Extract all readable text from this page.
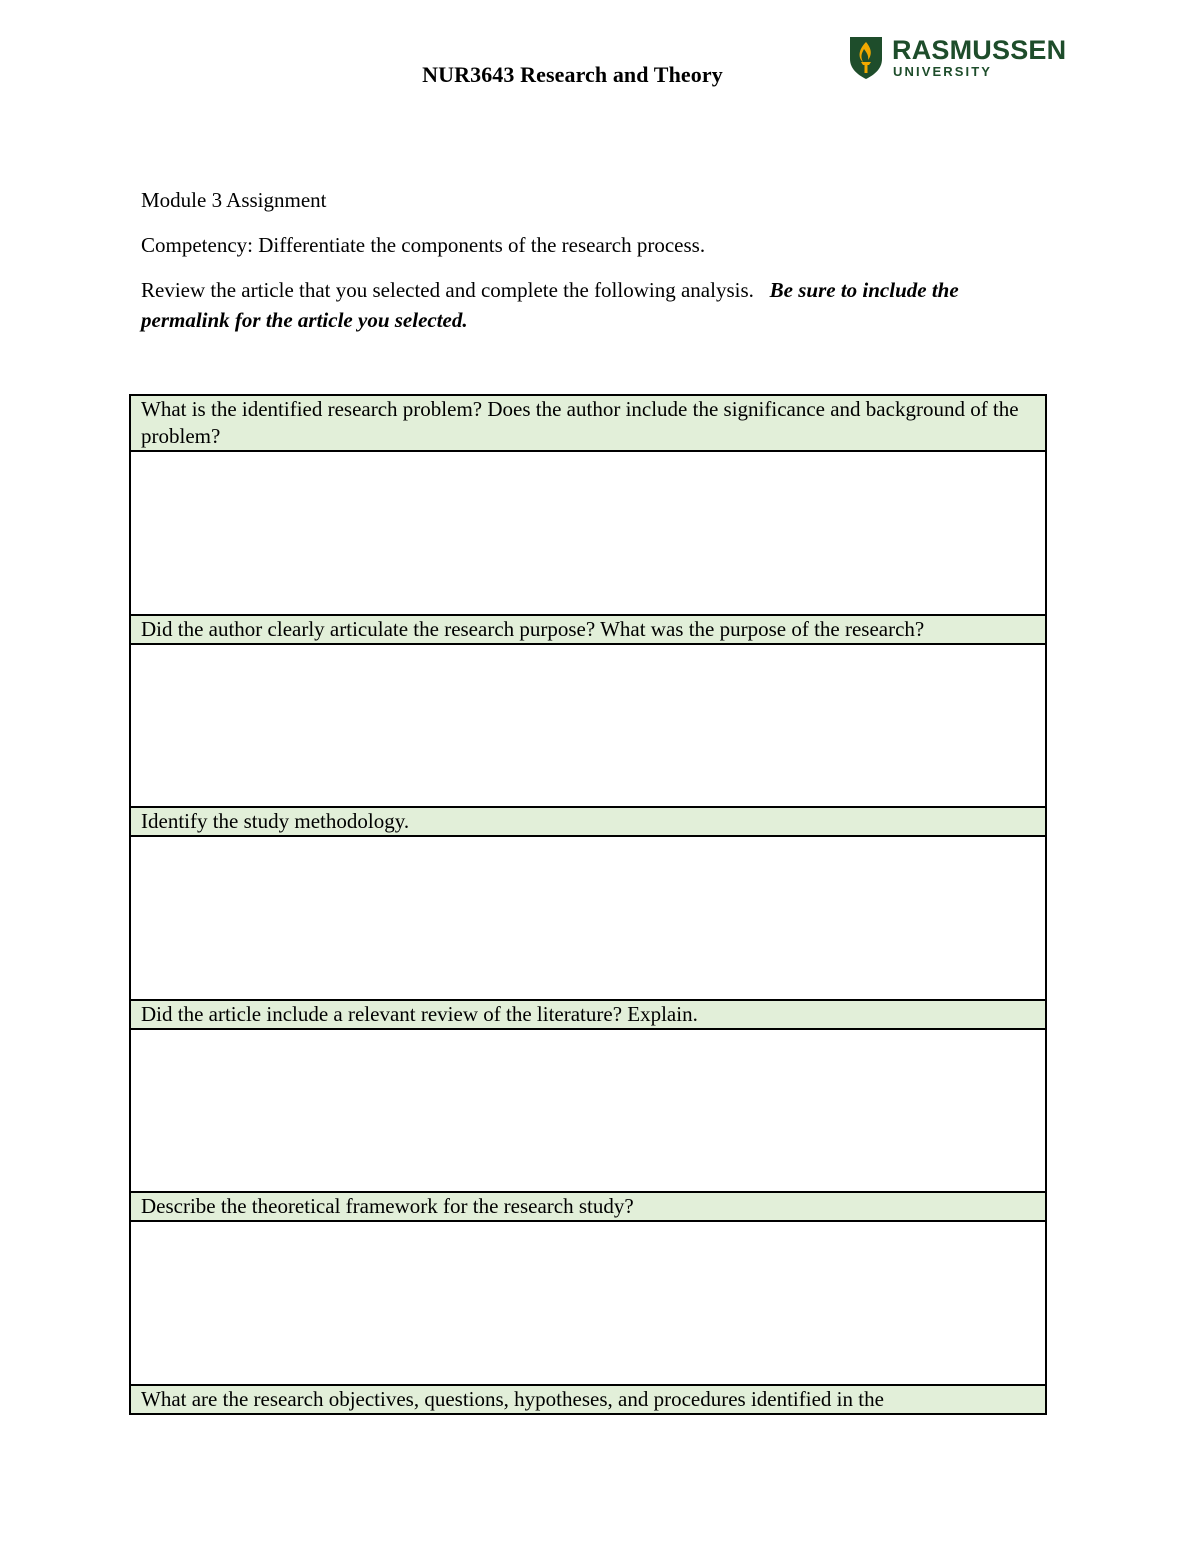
NUR3643 Research and Theory
RASMUSSEN
UNIVERSITY
Module 3 Assignment
Competency: Differentiate the components of the research process.
Review the article that you selected and complete the following analysis. Be sure to include the permalink for the article you selected.
What is the identified research problem? Does the author include the significance and background of the problem?

Did the author clearly articulate the research purpose? What was the purpose of the research?

Identify the study methodology.

Did the article include a relevant review of the literature? Explain.

Describe the theoretical framework for the research study?

What are the research objectives, questions, hypotheses, and procedures identified in the
